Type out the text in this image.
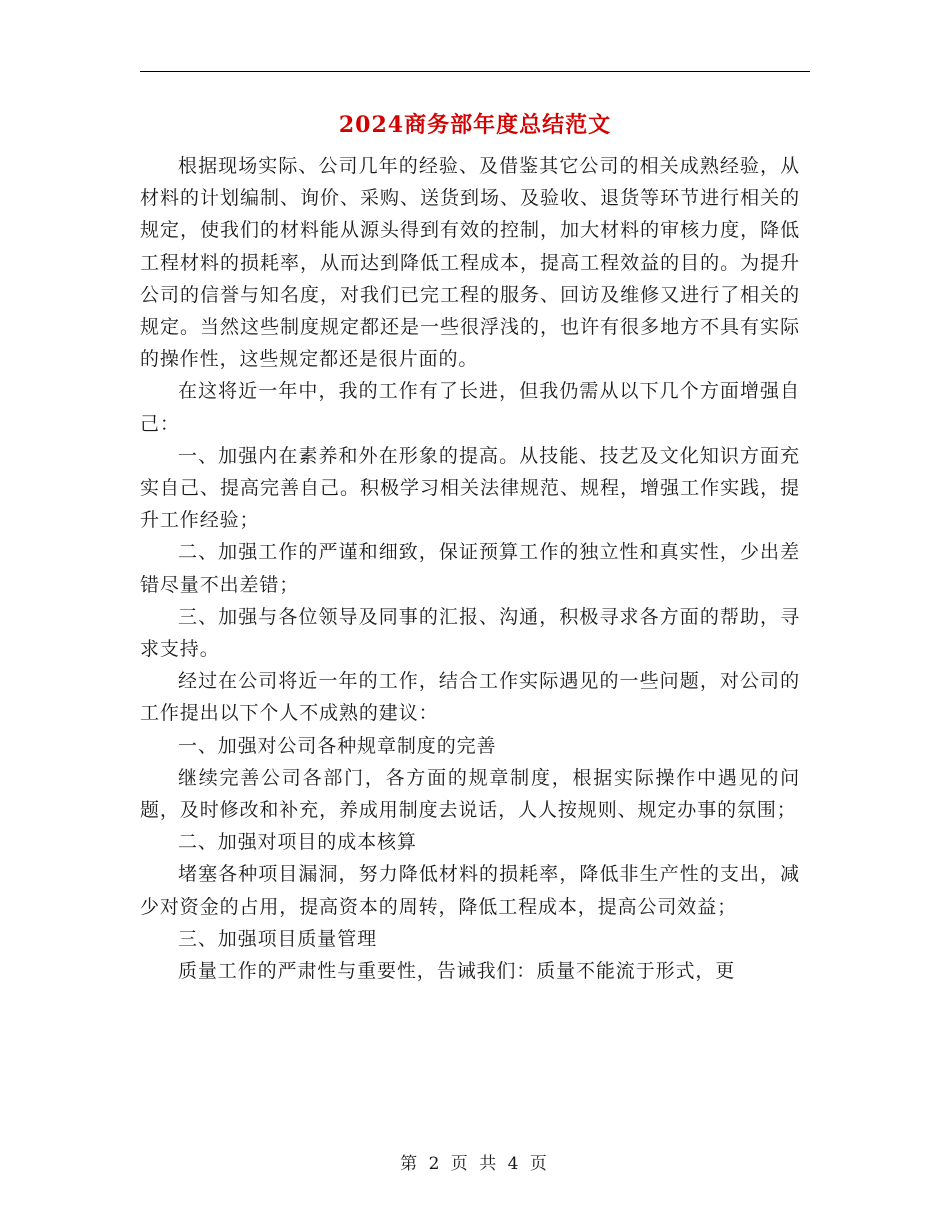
2024商务部年度总结范文

根据现场实际、公司几年的经验、及借鉴其它公司的相关成熟经验，从材料的计划编制、询价、采购、送货到场、及验收、退货等环节进行相关的规定，使我们的材料能从源头得到有效的控制，加大材料的审核力度，降低工程材料的损耗率，从而达到降低工程成本，提高工程效益的目的。为提升公司的信誉与知名度，对我们已完工程的服务、回访及维修又进行了相关的规定。当然这些制度规定都还是一些很浮浅的，也许有很多地方不具有实际的操作性，这些规定都还是很片面的。

在这将近一年中，我的工作有了长进，但我仍需从以下几个方面增强自己：

一、加强内在素养和外在形象的提高。从技能、技艺及文化知识方面充实自己、提高完善自己。积极学习相关法律规范、规程，增强工作实践，提升工作经验；

二、加强工作的严谨和细致，保证预算工作的独立性和真实性，少出差错尽量不出差错；

三、加强与各位领导及同事的汇报、沟通，积极寻求各方面的帮助，寻求支持。

经过在公司将近一年的工作，结合工作实际遇见的一些问题，对公司的工作提出以下个人不成熟的建议：

一、加强对公司各种规章制度的完善

继续完善公司各部门，各方面的规章制度，根据实际操作中遇见的问题，及时修改和补充，养成用制度去说话，人人按规则、规定办事的氛围；

二、加强对项目的成本核算

堵塞各种项目漏洞，努力降低材料的损耗率，降低非生产性的支出，减少对资金的占用，提高资本的周转，降低工程成本，提高公司效益；

三、加强项目质量管理

质量工作的严肃性与重要性，告诫我们：质量不能流于形式，更

第 2 页 共 4 页
